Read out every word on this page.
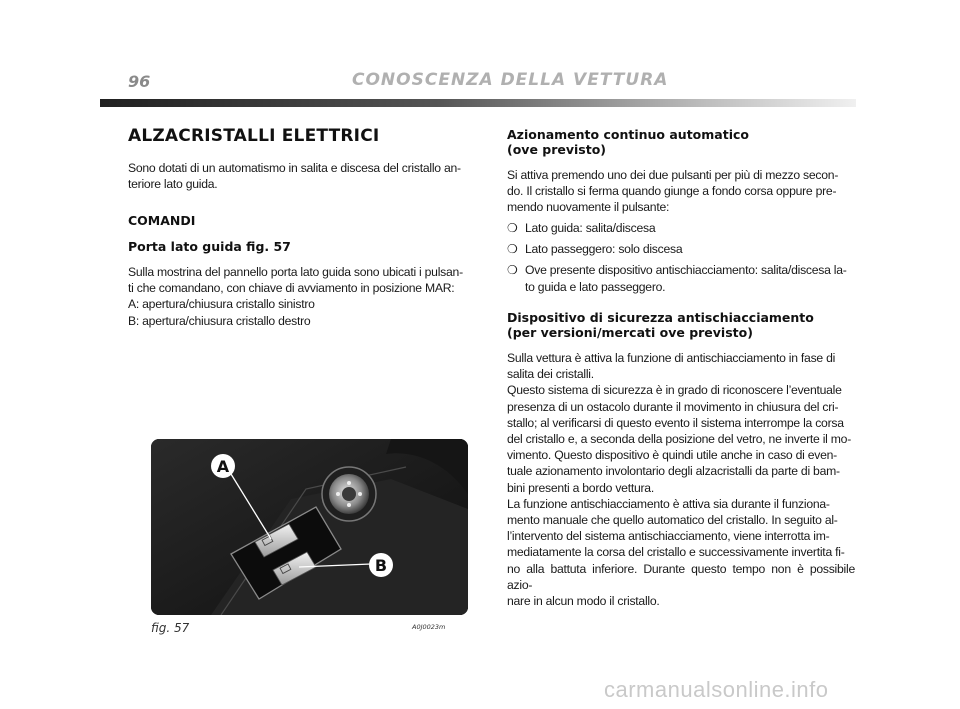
96	CONOSCENZA DELLA VETTURA
ALZACRISTALLI ELETTRICI

Sono dotati di un automatismo in salita e discesa del cristallo an-
teriore lato guida.

COMANDI
Porta lato guida fig. 57

Sulla mostrina del pannello porta lato guida sono ubicati i pulsan-
ti che comandano, con chiave di avviamento in posizione MAR:
A: apertura/chiusura cristallo sinistro
B: apertura/chiusura cristallo destro

A
B
fig. 57	A0J0023m
Azionamento continuo automatico
(ove previsto)

Si attiva premendo uno dei due pulsanti per più di mezzo secon-
do. Il cristallo si ferma quando giunge a fondo corsa oppure pre-
mendo nuovamente il pulsante:

❍ Lato guida: salita/discesa
❍ Lato passeggero: solo discesa
❍ Ove presente dispositivo antischiacciamento: salita/discesa la-
to guida e lato passeggero.
Dispositivo di sicurezza antischiacciamento
(per versioni/mercati ove previsto)

Sulla vettura è attiva la funzione di antischiacciamento in fase di
salita dei cristalli.
Questo sistema di sicurezza è in grado di riconoscere l’eventuale
presenza di un ostacolo durante il movimento in chiusura del cri-
stallo; al verificarsi di questo evento il sistema interrompe la corsa
del cristallo e, a seconda della posizione del vetro, ne inverte il mo-
vimento. Questo dispositivo è quindi utile anche in caso di even-
tuale azionamento involontario degli alzacristalli da parte di bam-
bini presenti a bordo vettura.
La funzione antischiacciamento è attiva sia durante il funziona-
mento manuale che quello automatico del cristallo. In seguito al-
l’intervento del sistema antischiacciamento, viene interrotta im-
mediatamente la corsa del cristallo e successivamente invertita fi-
no alla battuta inferiore. Durante questo tempo non è possibile azio-
nare in alcun modo il cristallo.

carmanualsonline.info
